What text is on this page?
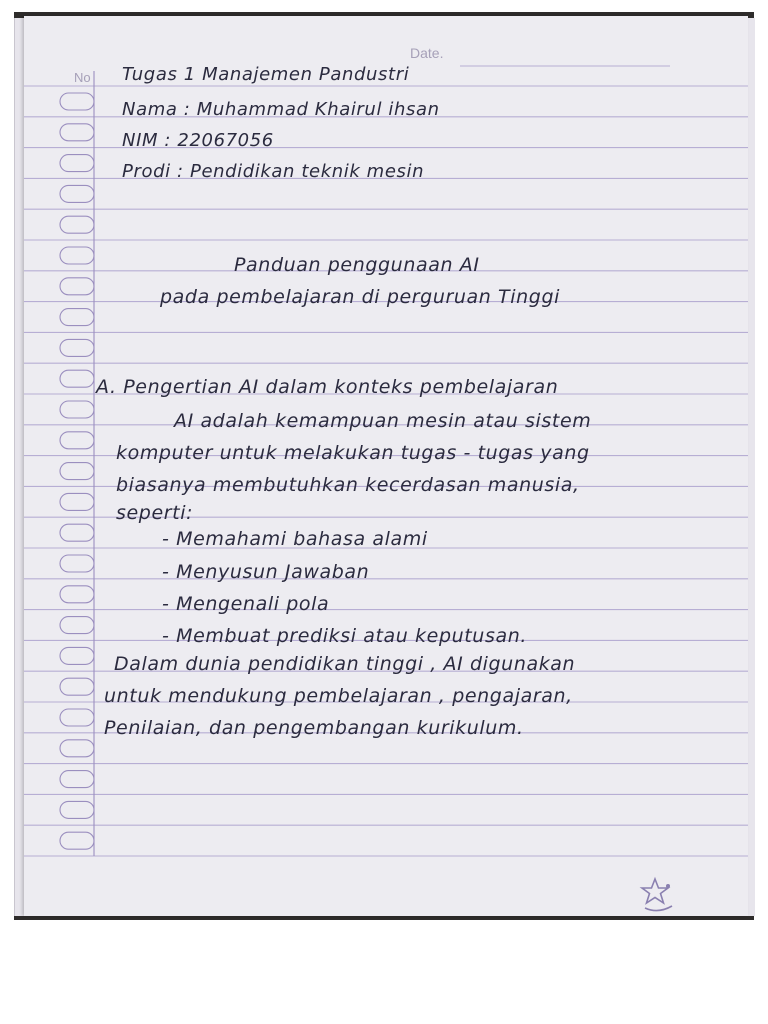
Date.
No Tugas 1 Manajemen Pandustri
Nama : Muhammad Khairul ihsan
NIM : 22067056
Prodi : Pendidikan teknik mesin
Panduan penggunaan AI
pada pembelajaran di perguruan Tinggi
A. Pengertian AI dalam konteks pembelajaran
AI adalah kemampuan mesin atau sistem
komputer untuk melakukan tugas - tugas yang
biasanya membutuhkan kecerdasan manusia,
seperti:
- Memahami bahasa alami
- Menyusun Jawaban
- Mengenali pola
- Membuat prediksi atau keputusan.
Dalam dunia pendidikan tinggi , AI digunakan
untuk mendukung pembelajaran , pengajaran,
Penilaian, dan pengembangan kurikulum.
